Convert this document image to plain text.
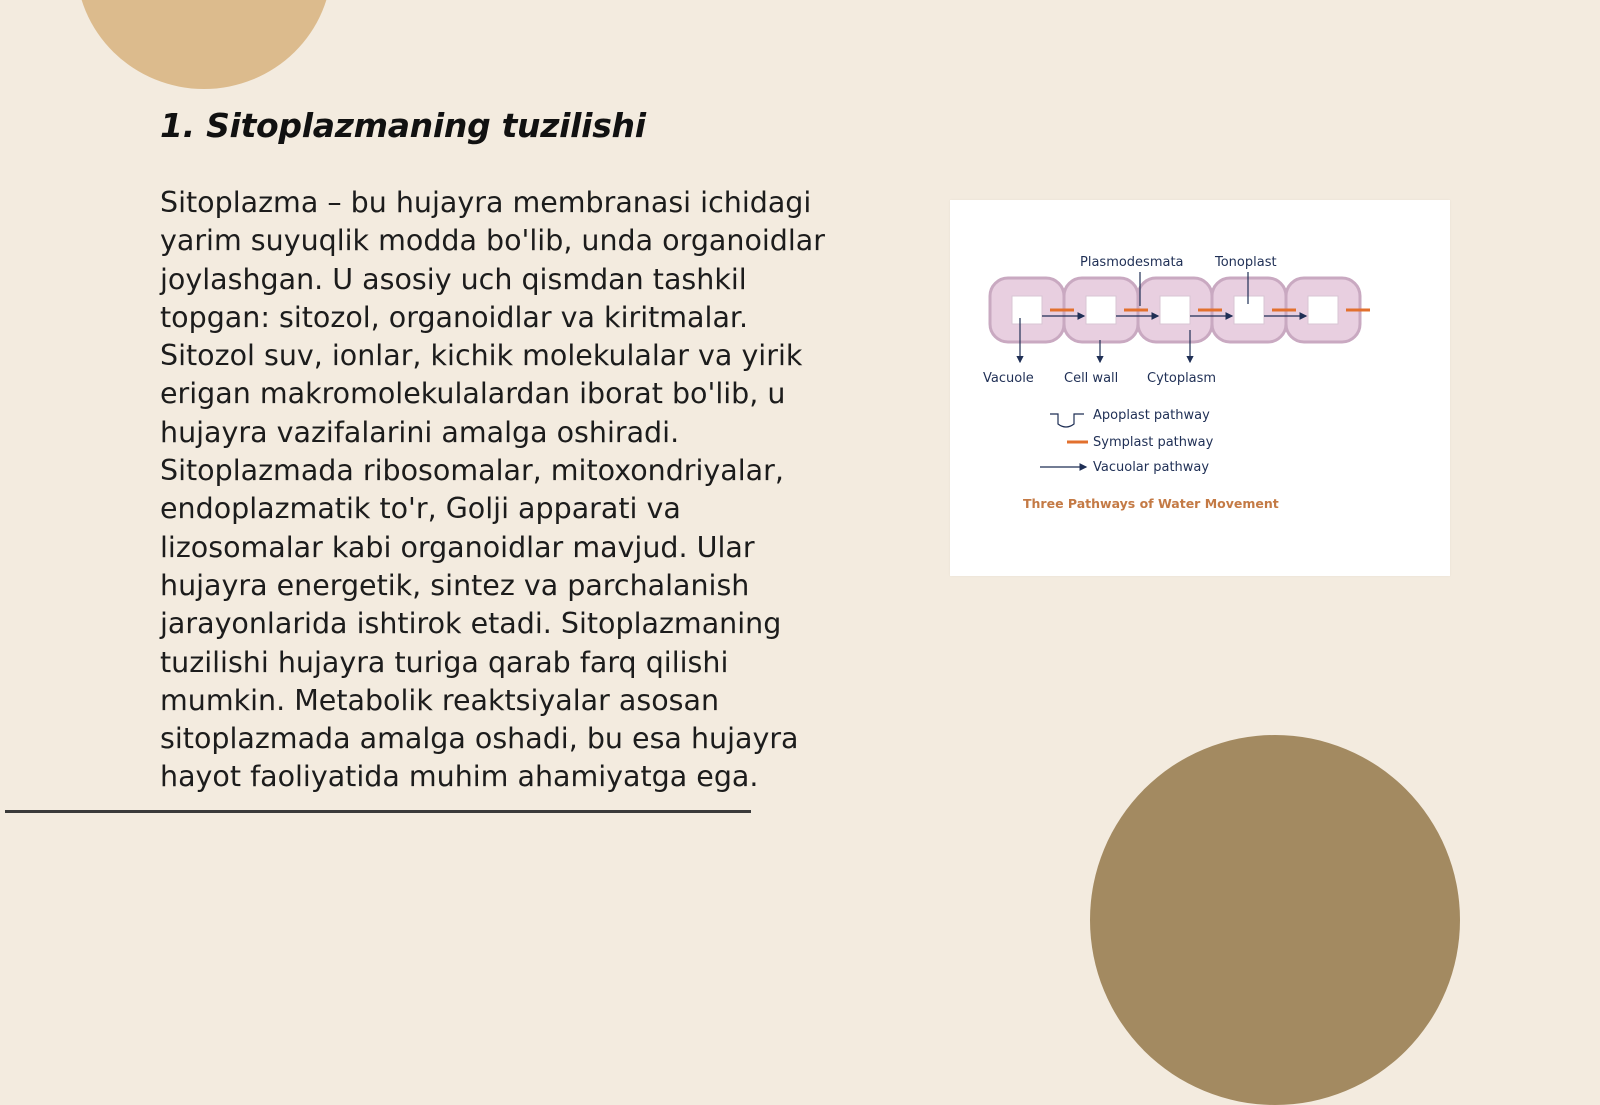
1. Sitoplazmaning tuzilishi

Sitoplazma – bu hujayra membranasi ichidagi yarim suyuqlik modda bo'lib, unda organoidlar joylashgan. U asosiy uch qismdan tashkil topgan: sitozol, organoidlar va kiritmalar. Sitozol suv, ionlar, kichik molekulalar va yirik erigan makromolekulalardan iborat bo'lib, u hujayra vazifalarini amalga oshiradi. Sitoplazmada ribosomalar, mitoxondriyalar, endoplazmatik to'r, Golji apparati va lizosomalar kabi organoidlar mavjud. Ular hujayra energetik, sintez va parchalanish jarayonlarida ishtirok etadi. Sitoplazmaning tuzilishi hujayra turiga qarab farq qilishi mumkin. Metabolik reaktsiyalar asosan sitoplazmada amalga oshadi, bu esa hujayra hayot faoliyatida muhim ahamiyatga ega.

Plasmodesmata Tonoplast
Vacuole Cell wall Cytoplasm
Apoplast pathway
Symplast pathway
Vacuolar pathway
Three Pathways of Water Movement
